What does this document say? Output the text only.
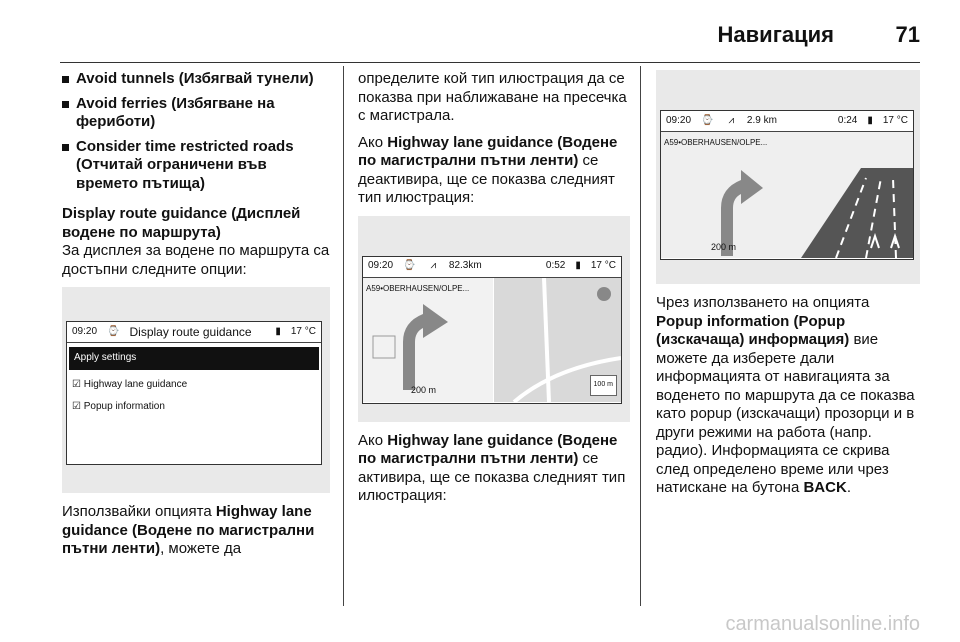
Навигация	71
Avoid tunnels (Избягвай тунели)
Avoid ferries (Избягване на фериботи)
Consider time restricted roads (Отчитай ограничени във времето пътища)

Display route guidance (Дисплей водене по маршрута)

За дисплея за водене по маршрута са достъпни следните опции:

09:20	⌚ Display route guidance	▮	17 °C
Apply settings
☑ Highway lane guidance
☑ Popup information

Използвайки опцията Highway lane guidance (Водене по магистрални пътни ленти), можете да

определите кой тип илюстрация да се показва при наближаване на пресечка с магистрала.

Ако Highway lane guidance (Водене по магистрални пътни ленти) се деактивира, ще се показва следният тип илюстрация:

09:20	⌚	⩘ 82.3km	0:52	▮	17 °C
A59•OBERHAUSEN/OLPE...
200 m
100 m

Ако Highway lane guidance (Водене по магистрални пътни ленти) се активира, ще се показва следният тип илюстрация:

09:20	⌚	⩘ 2.9 km	0:24	▮	17 °C
A59•OBERHAUSEN/OLPE...
200 m

Чрез използването на опцията Popup information (Popup (изскачаща) информация) вие можете да изберете дали информацията от навигацията за воденето по маршрута да се показва като popup (изскачащи) прозорци и в други режими на работа (напр. радио). Информацията се скрива след определено време или чрез натискане на бутона BACK.

carmanualsonline.info
